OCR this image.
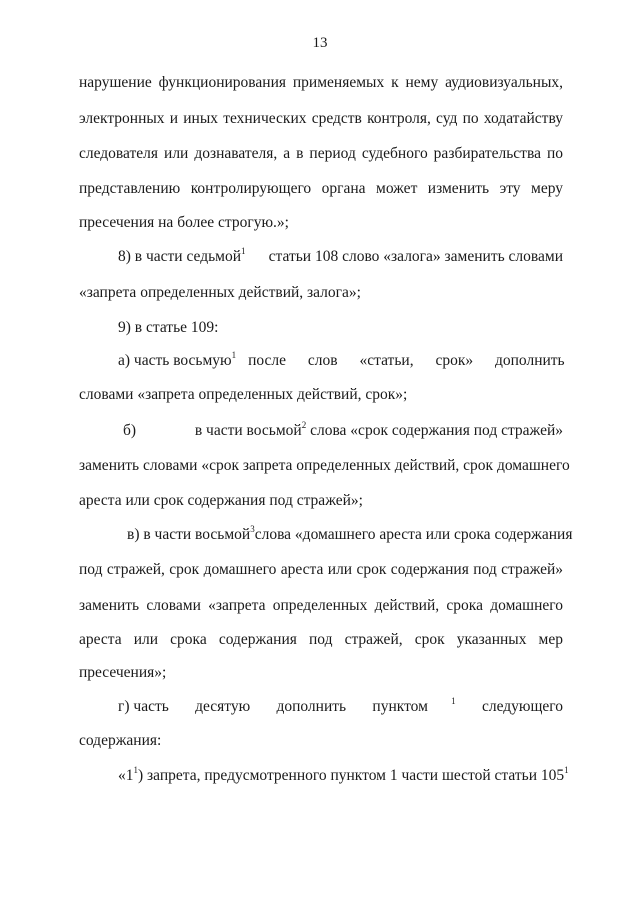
13
нарушение функционирования применяемых к нему аудиовизуальных,
электронных и иных технических средств контроля, суд по ходатайству
следователя или дознавателя, а в период судебного разбирательства по
представлению контролирующего органа может изменить эту меру
пресечения на более строгую.»;
8) в части седьмой$^1$ статьи 108 слово «залога» заменить словами
«запрета определенных действий, залога»;
9) в статье 109:
а) часть восьмую$^1$ после слов «статьи, срок» дополнить
словами «запрета определенных действий, срок»;
б)	в части восьмой$^2$ слова «срок содержания под стражей»
заменить словами «срок запрета определенных действий, срок домашнего
ареста или срок содержания под стражей»;
в) в части восьмой$^3$ слова «домашнего ареста или срока содержания
под стражей, срок домашнего ареста или срок содержания под стражей»
заменить словами «запрета определенных действий, срока домашнего
ареста или срока содержания под стражей, срок указанных мер
пресечения»;
г) часть десятую дополнить пунктом	$^1$ следующего
содержания:
«$1^1$) запрета, предусмотренного пунктом 1 части шестой статьи $105^1$
